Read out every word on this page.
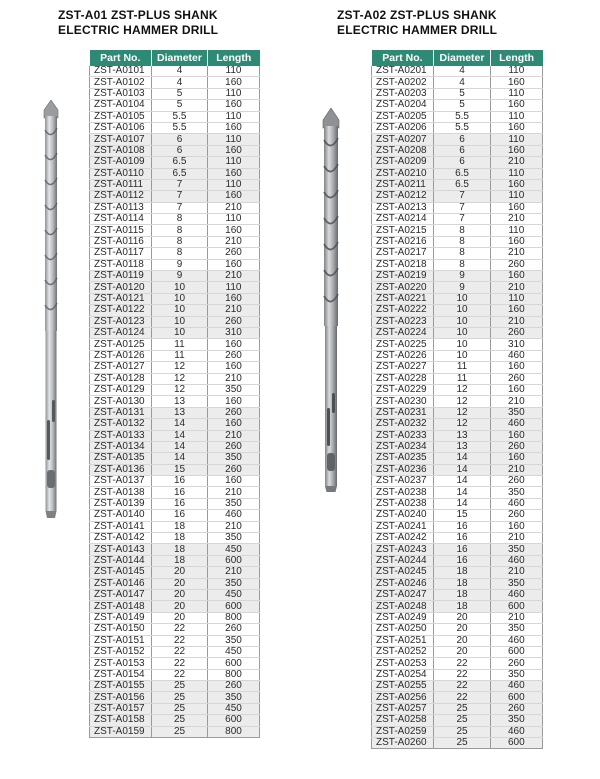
ZST-A01 ZST-PLUS SHANK
ELECTRIC HAMMER DRILL
Part No.	Diameter	Length
ZST-A0101	4	110
ZST-A0102	4	160
ZST-A0103	5	110
ZST-A0104	5	160
ZST-A0105	5.5	110
ZST-A0106	5.5	160
ZST-A0107	6	110
ZST-A0108	6	160
ZST-A0109	6.5	110
ZST-A0110	6.5	160
ZST-A0111	7	110
ZST-A0112	7	160
ZST-A0113	7	210
ZST-A0114	8	110
ZST-A0115	8	160
ZST-A0116	8	210
ZST-A0117	8	260
ZST-A0118	9	160
ZST-A0119	9	210
ZST-A0120	10	110
ZST-A0121	10	160
ZST-A0122	10	210
ZST-A0123	10	260
ZST-A0124	10	310
ZST-A0125	11	160
ZST-A0126	11	260
ZST-A0127	12	160
ZST-A0128	12	210
ZST-A0129	12	350
ZST-A0130	13	160
ZST-A0131	13	260
ZST-A0132	14	160
ZST-A0133	14	210
ZST-A0134	14	260
ZST-A0135	14	350
ZST-A0136	15	260
ZST-A0137	16	160
ZST-A0138	16	210
ZST-A0139	16	350
ZST-A0140	16	460
ZST-A0141	18	210
ZST-A0142	18	350
ZST-A0143	18	450
ZST-A0144	18	600
ZST-A0145	20	210
ZST-A0146	20	350
ZST-A0147	20	450
ZST-A0148	20	600
ZST-A0149	20	800
ZST-A0150	22	260
ZST-A0151	22	350
ZST-A0152	22	450
ZST-A0153	22	600
ZST-A0154	22	800
ZST-A0155	25	260
ZST-A0156	25	350
ZST-A0157	25	450
ZST-A0158	25	600
ZST-A0159	25	800
ZST-A02 ZST-PLUS SHANK
ELECTRIC HAMMER DRILL
Part No.	Diameter	Length
ZST-A0201	4	110
ZST-A0202	4	160
ZST-A0203	5	110
ZST-A0204	5	160
ZST-A0205	5.5	110
ZST-A0206	5.5	160
ZST-A0207	6	110
ZST-A0208	6	160
ZST-A0209	6	210
ZST-A0210	6.5	110
ZST-A0211	6.5	160
ZST-A0212	7	110
ZST-A0213	7	160
ZST-A0214	7	210
ZST-A0215	8	110
ZST-A0216	8	160
ZST-A0217	8	210
ZST-A0218	8	260
ZST-A0219	9	160
ZST-A0220	9	210
ZST-A0221	10	110
ZST-A0222	10	160
ZST-A0223	10	210
ZST-A0224	10	260
ZST-A0225	10	310
ZST-A0226	10	460
ZST-A0227	11	160
ZST-A0228	11	260
ZST-A0229	12	160
ZST-A0230	12	210
ZST-A0231	12	350
ZST-A0232	12	460
ZST-A0233	13	160
ZST-A0234	13	260
ZST-A0235	14	160
ZST-A0236	14	210
ZST-A0237	14	260
ZST-A0238	14	350
ZST-A0238	14	460
ZST-A0240	15	260
ZST-A0241	16	160
ZST-A0242	16	210
ZST-A0243	16	350
ZST-A0244	16	460
ZST-A0245	18	210
ZST-A0246	18	350
ZST-A0247	18	460
ZST-A0248	18	600
ZST-A0249	20	210
ZST-A0250	20	350
ZST-A0251	20	460
ZST-A0252	20	600
ZST-A0253	22	260
ZST-A0254	22	350
ZST-A0255	22	460
ZST-A0256	22	600
ZST-A0257	25	260
ZST-A0258	25	350
ZST-A0259	25	460
ZST-A0260	25	600
